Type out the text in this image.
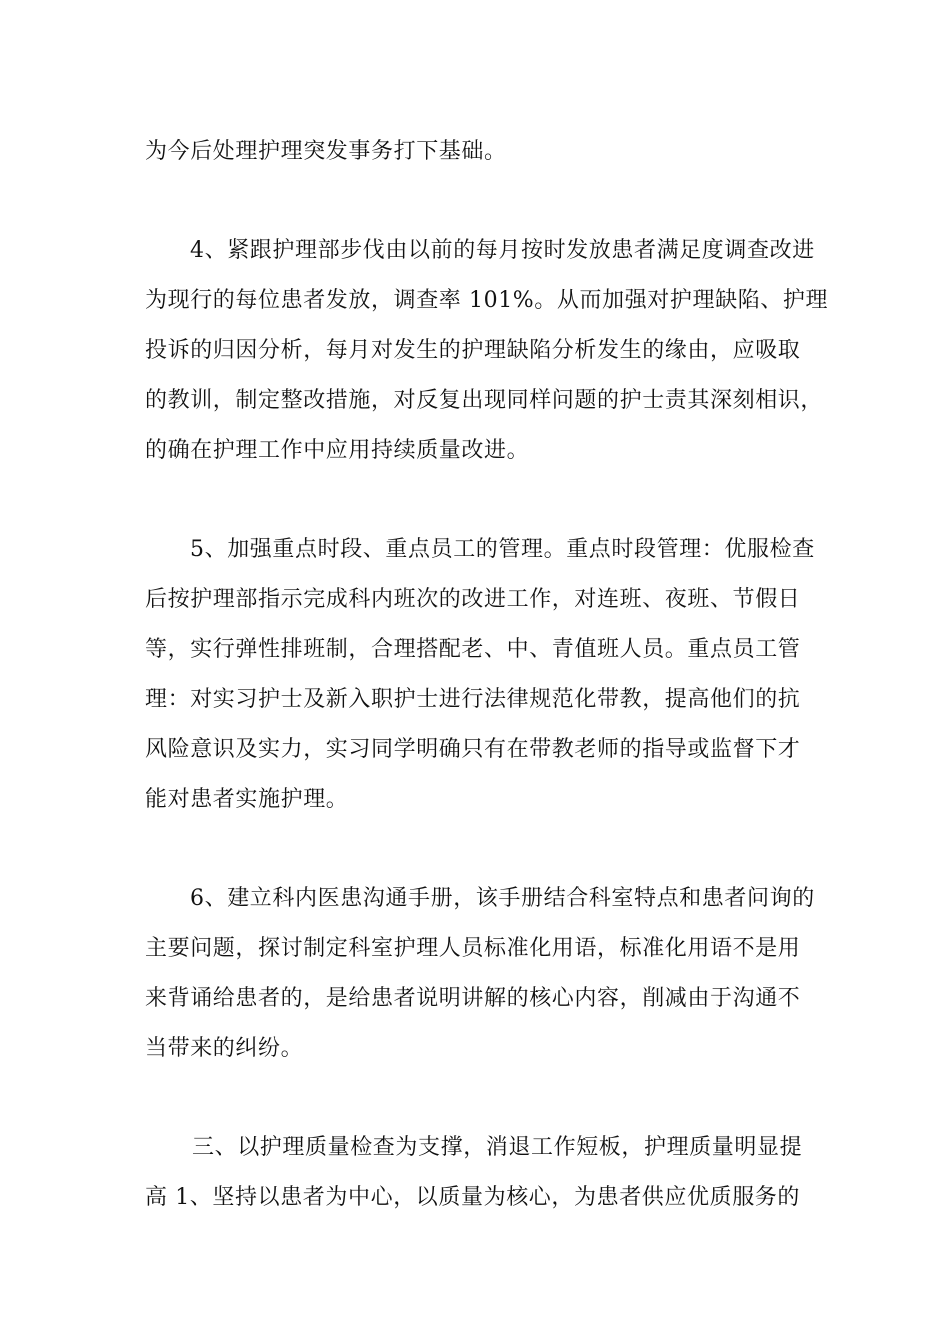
为今后处理护理突发事务打下基础。
4、紧跟护理部步伐由以前的每月按时发放患者满足度调查改进
为现行的每位患者发放，调查率 101%。从而加强对护理缺陷、护理
投诉的归因分析，每月对发生的护理缺陷分析发生的缘由，应吸取
的教训，制定整改措施，对反复出现同样问题的护士责其深刻相识，
的确在护理工作中应用持续质量改进。
5、加强重点时段、重点员工的管理。重点时段管理：优服检查
后按护理部指示完成科内班次的改进工作，对连班、夜班、节假日
等，实行弹性排班制，合理搭配老、中、青值班人员。重点员工管
理：对实习护士及新入职护士进行法律规范化带教，提高他们的抗
风险意识及实力，实习同学明确只有在带教老师的指导或监督下才
能对患者实施护理。
6、建立科内医患沟通手册，该手册结合科室特点和患者问询的
主要问题，探讨制定科室护理人员标准化用语，标准化用语不是用
来背诵给患者的，是给患者说明讲解的核心内容，削减由于沟通不
当带来的纠纷。
三、以护理质量检查为支撑，消退工作短板，护理质量明显提
高 1、坚持以患者为中心，以质量为核心，为患者供应优质服务的
